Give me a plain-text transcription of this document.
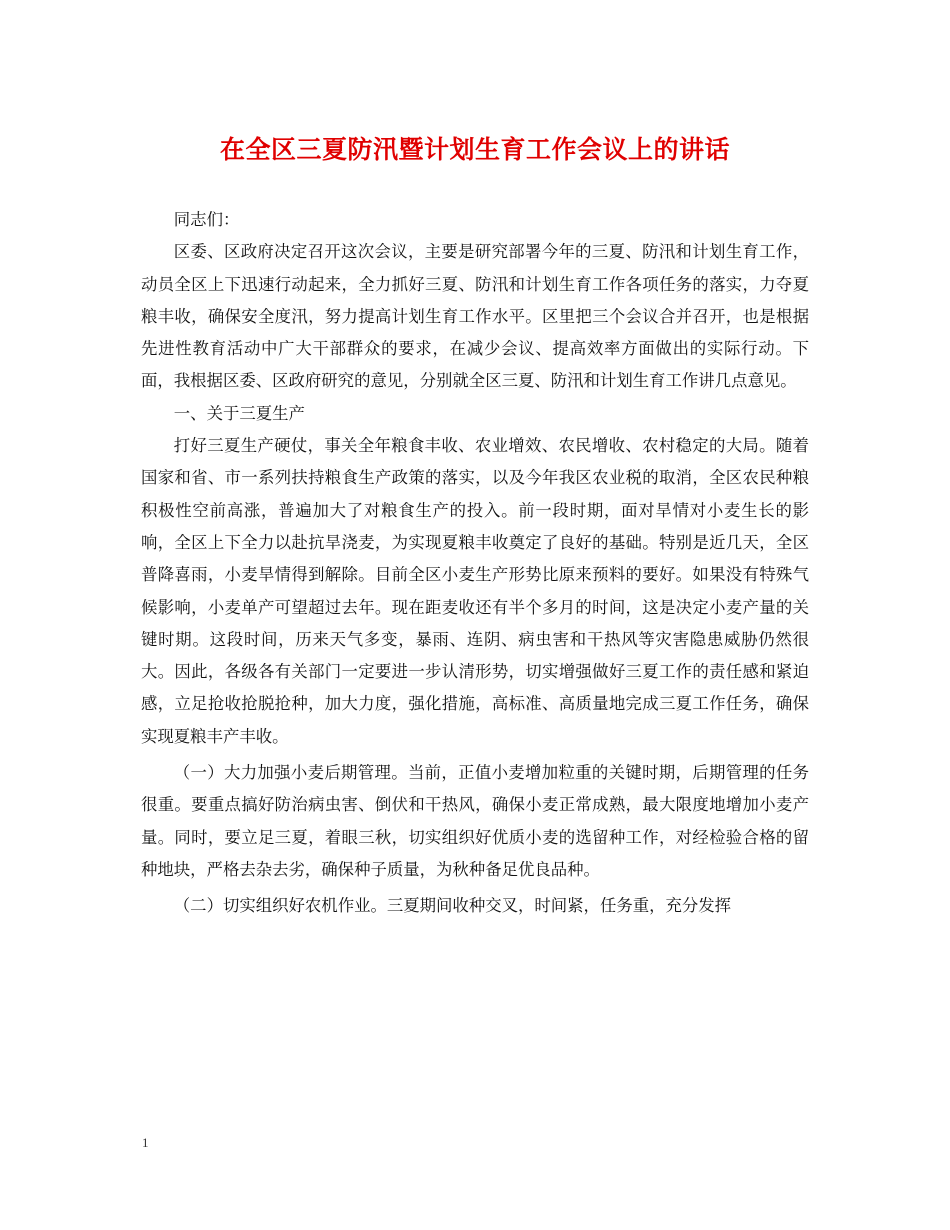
在全区三夏防汛暨计划生育工作会议上的讲话

同志们：

区委、区政府决定召开这次会议，主要是研究部署今年的三夏、防汛和计划生育工作，动员全区上下迅速行动起来，全力抓好三夏、防汛和计划生育工作各项任务的落实，力夺夏粮丰收，确保安全度汛，努力提高计划生育工作水平。区里把三个会议合并召开，也是根据先进性教育活动中广大干部群众的要求，在减少会议、提高效率方面做出的实际行动。下面，我根据区委、区政府研究的意见，分别就全区三夏、防汛和计划生育工作讲几点意见。

一、关于三夏生产

打好三夏生产硬仗，事关全年粮食丰收、农业增效、农民增收、农村稳定的大局。随着国家和省、市一系列扶持粮食生产政策的落实，以及今年我区农业税的取消，全区农民种粮积极性空前高涨，普遍加大了对粮食生产的投入。前一段时期，面对旱情对小麦生长的影响，全区上下全力以赴抗旱浇麦，为实现夏粮丰收奠定了良好的基础。特别是近几天，全区普降喜雨，小麦旱情得到解除。目前全区小麦生产形势比原来预料的要好。如果没有特殊气候影响，小麦单产可望超过去年。现在距麦收还有半个多月的时间，这是决定小麦产量的关键时期。这段时间，历来天气多变，暴雨、连阴、病虫害和干热风等灾害隐患威胁仍然很大。因此，各级各有关部门一定要进一步认清形势，切实增强做好三夏工作的责任感和紧迫感，立足抢收抢脱抢种，加大力度，强化措施，高标准、高质量地完成三夏工作任务，确保实现夏粮丰产丰收。

（一）大力加强小麦后期管理。当前，正值小麦增加粒重的关键时期，后期管理的任务很重。要重点搞好防治病虫害、倒伏和干热风，确保小麦正常成熟，最大限度地增加小麦产量。同时，要立足三夏，着眼三秋，切实组织好优质小麦的选留种工作，对经检验合格的留种地块，严格去杂去劣，确保种子质量，为秋种备足优良品种。

（二）切实组织好农机作业。三夏期间收种交叉，时间紧，任务重，充分发挥

1
